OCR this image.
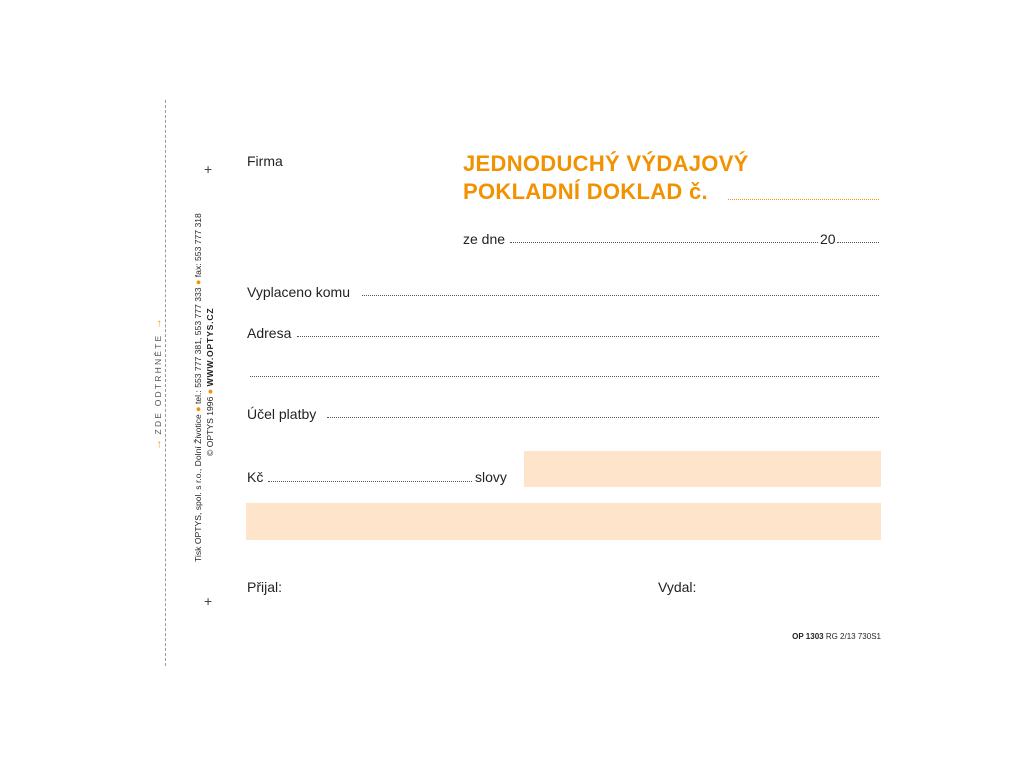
→ ZDE ODTRHNĚTE →
Tisk OPTYS, spol. s r.o., Dolní Životice ● tel.: 553 777 381, 553 777 333 ● fax: 553 777 318
© OPTYS 1996 ● WWW.OPTYS.CZ
+
+
Firma	JEDNODUCHÝ VÝDAJOVÝ
POKLADNÍ DOKLAD č.
ze dne	20
Vyplaceno komu
Adresa
Účel platby
Kč	slovy
Přijal:	Vydal:
OP 1303 RG 2/13 730S1
